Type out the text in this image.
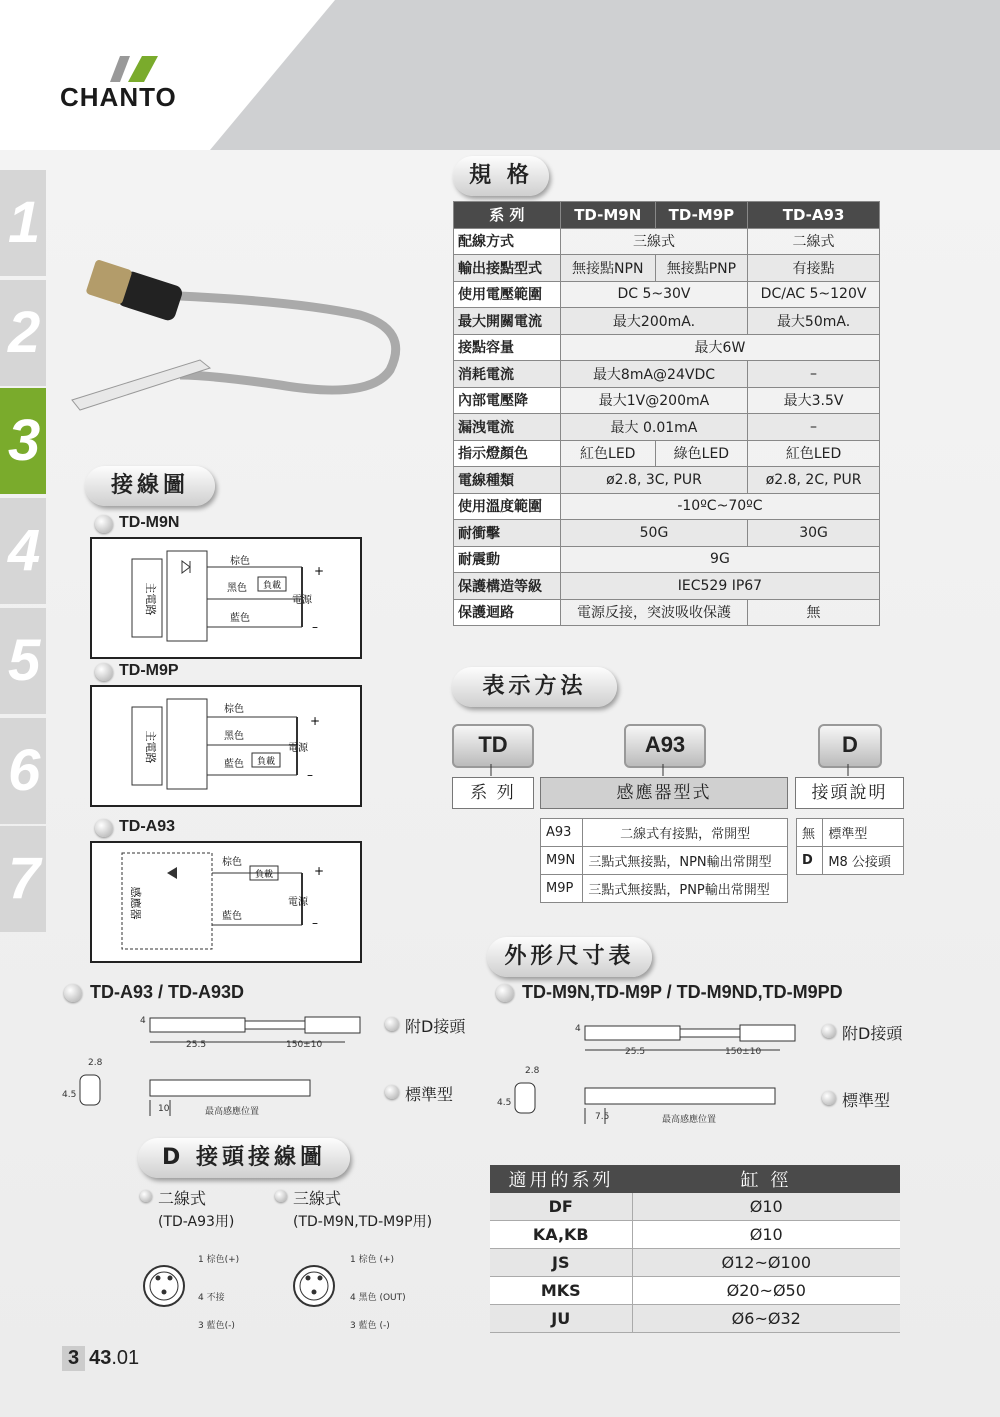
CHANTO
1
2
3
4
5
6
7
規 格
系 列	TD-M9N	TD-M9P	TD-A93
配線方式	三線式		二線式
輸出接點型式	無接點NPN	無接點PNP	有接點
使用電壓範圍	DC 5~30V		DC/AC 5~120V
最大開關電流	最大200mA.		最大50mA.
接點容量	最大6W		
消耗電流	最大8mA@24VDC		–
內部電壓降	最大1V@200mA		最大3.5V
漏洩電流	最大 0.01mA		–
指示燈顏色	紅色LED	綠色LED	紅色LED
電線種類	ø2.8, 3C, PUR		ø2.8, 2C, PUR
使用溫度範圍	-10ºC~70ºC		
耐衝擊	50G		30G
耐震動	9G		
保護構造等級	IEC529 IP67		
保護迴路	電源反接，突波吸收保護		無
接線圖
TD-M9N
主電路
棕色
黑色 負載
藍色
電源
+
–
TD-M9P
主電路
棕色
黑色
藍色 負載
電源
+
–
TD-A93
感應器
棕色
負載
藍色
電源
+
–
表示方法
TD	A93	D
系 列	感應器型式	接頭說明
A93	二線式有接點，常開型
M9N	三點式無接點，NPN輸出常開型
M9P	三點式無接點，PNP輸出常開型
無	標準型
D	M8 公接頭
外形尺寸表
TD-A93 / TD-A93D	TD-M9N,TD-M9P / TD-M9ND,TD-M9PD
4
25.5	150±10
附D接頭
2.8
4.5
10	最高感應位置
標準型
4
25.5	150±10
附D接頭
2.8
4.5
7.5	最高感應位置
標準型
D 接頭接線圖
二線式
(TD-A93用)
1 棕色(+)
4 不接
3 藍色(-)
三線式
(TD-M9N,TD-M9P用)
1 棕色 (+)
4 黑色 (OUT)
3 藍色 (-)
適用的系列	缸 徑
DF	Ø10
KA,KB	Ø10
JS	Ø12~Ø100
MKS	Ø20~Ø50
JU	Ø6~Ø32
3 43.01
